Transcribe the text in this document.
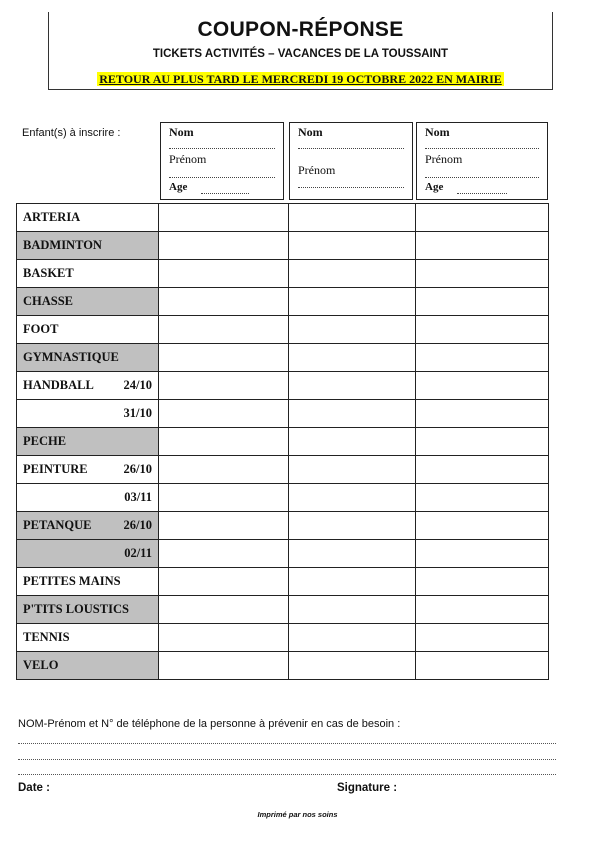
COUPON-RÉPONSE
TICKETS ACTIVITÉS – VACANCES DE LA TOUSSAINT
RETOUR AU PLUS TARD LE MERCREDI 19 OCTOBRE 2022 EN MAIRIE
Enfant(s) à inscrire :	Nom
Prénom
Age
Nom
Prénom
Nom
Prénom
Age
ARTERIA			

BADMINTON			

BASKET			

CHASSE			

FOOT			

GYMNASTIQUE			

HANDBALL 24/10			

31/10			

PECHE			

PEINTURE 26/10			

03/11			

PETANQUE 26/10			

02/11			

PETITES MAINS			

P'TITS LOUSTICS			

TENNIS			

VELO			

NOM-Prénom et N° de téléphone de la personne à prévenir en cas de besoin :
Date :	Signature :
Imprimé par nos soins
